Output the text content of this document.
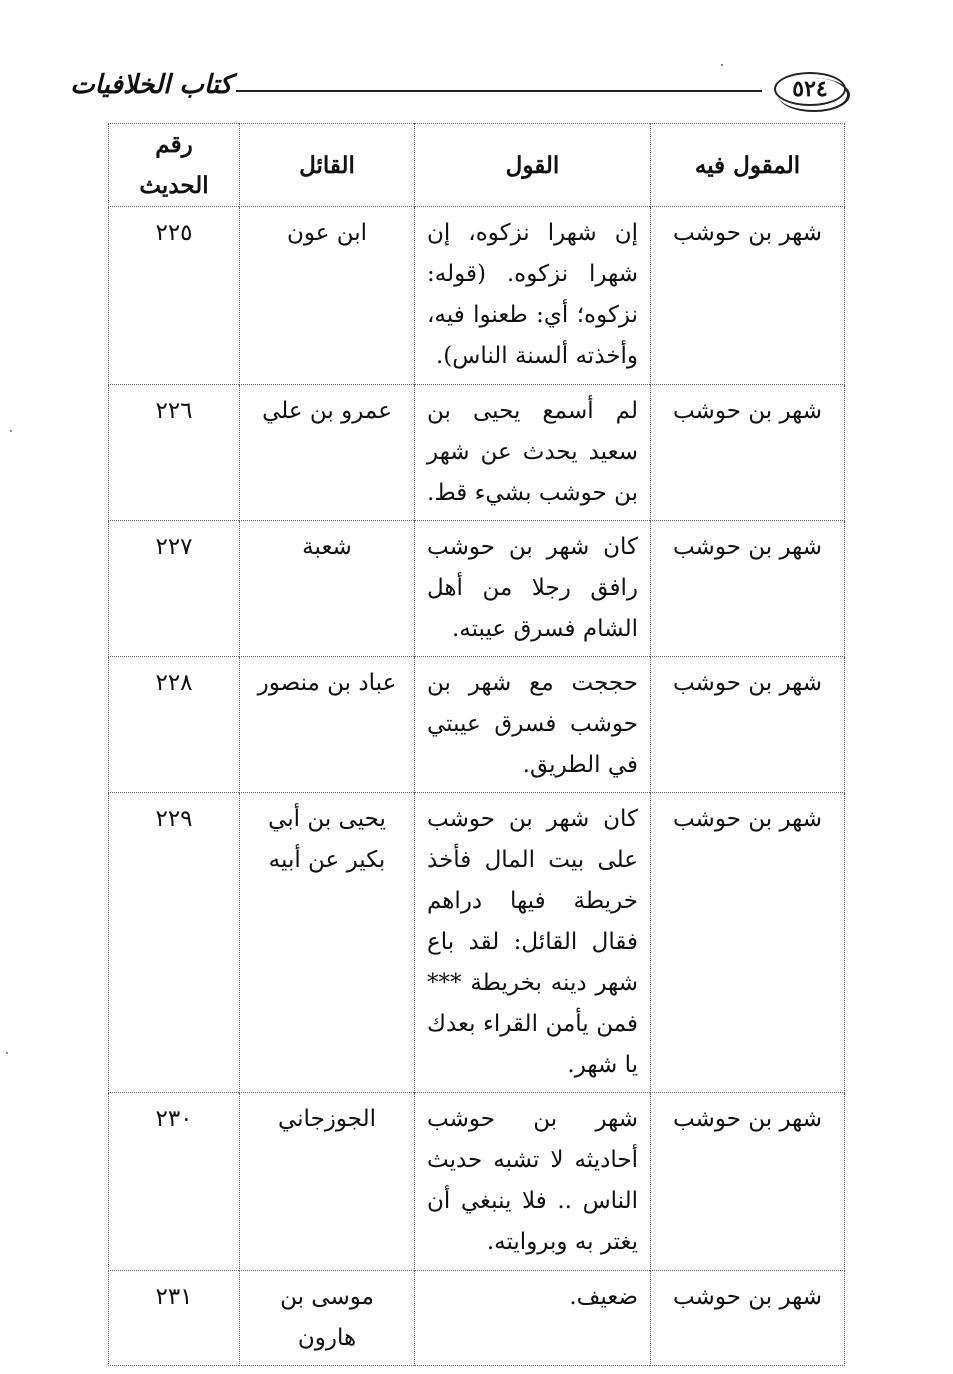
كتاب الخلافيات	٥٢٤
المقول فيه	القول	القائل	رقم الحديث
شهر بن حوشب	إن شهرا نزكوه، إن شهرا نزكوه. (قوله: نزكوه؛ أي: طعنوا فيه، وأخذته ألسنة الناس).	ابن عون	٢٢٥
شهر بن حوشب	لم أسمع يحيى بن سعيد يحدث عن شهر بن حوشب بشيء قط.	عمرو بن علي	٢٢٦
شهر بن حوشب	كان شهر بن حوشب رافق رجلا من أهل الشام فسرق عيبته.	شعبة	٢٢٧
شهر بن حوشب	حججت مع شهر بن حوشب فسرق عيبتي في الطريق.	عباد بن منصور	٢٢٨
شهر بن حوشب	كان شهر بن حوشب على بيت المال فأخذ خريطة فيها دراهم فقال القائل: لقد باع شهر دينه بخريطة *** فمن يأمن القراء بعدك يا شهر.	يحيى بن أبي بكير عن أبيه	٢٢٩
شهر بن حوشب	شهر بن حوشب أحاديثه لا تشبه حديث الناس .. فلا ينبغي أن يغتر به وبروايته.	الجوزجاني	٢٣٠
شهر بن حوشب	ضعيف.	موسى بن هارون	٢٣١
